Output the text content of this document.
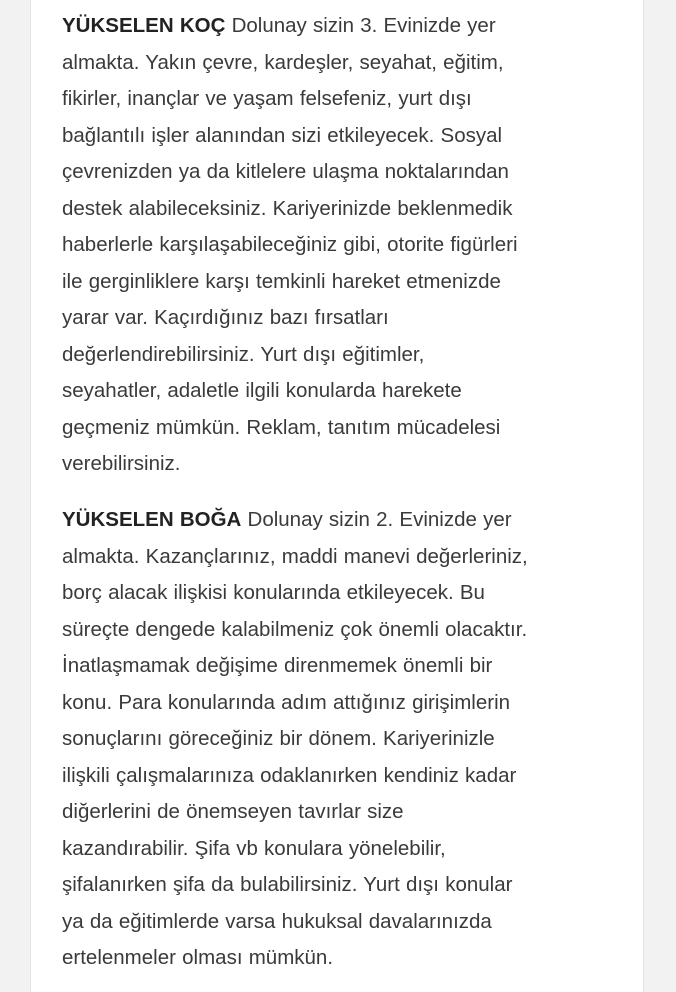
YÜKSELEN KOÇ Dolunay sizin 3. Evinizde yer
almakta. Yakın çevre, kardeşler, seyahat, eğitim,
fikirler, inançlar ve yaşam felsefeniz, yurt dışı
bağlantılı işler alanından sizi etkileyecek. Sosyal
çevrenizden ya da kitlelere ulaşma noktalarından
destek alabileceksiniz. Kariyerinizde beklenmedik
haberlerle karşılaşabileceğiniz gibi, otorite figürleri
ile gerginliklere karşı temkinli hareket etmenizde
yarar var. Kaçırdığınız bazı fırsatları
değerlendirebilirsiniz. Yurt dışı eğitimler,
seyahatler, adaletle ilgili konularda harekete
geçmeniz mümkün. Reklam, tanıtım mücadelesi
verebilirsiniz.

YÜKSELEN BOĞA Dolunay sizin 2. Evinizde yer
almakta. Kazançlarınız, maddi manevi değerleriniz,
borç alacak ilişkisi konularında etkileyecek. Bu
süreçte dengede kalabilmeniz çok önemli olacaktır.
İnatlaşmamak değişime direnmemek önemli bir
konu. Para konularında adım attığınız girişimlerin
sonuçlarını göreceğiniz bir dönem. Kariyerinizle
ilişkili çalışmalarınıza odaklanırken kendiniz kadar
diğerlerini de önemseyen tavırlar size
kazandırabilir. Şifa vb konulara yönelebilir,
şifalanırken şifa da bulabilirsiniz. Yurt dışı konular
ya da eğitimlerde varsa hukuksal davalarınızda
ertelenmeler olması mümkün.
